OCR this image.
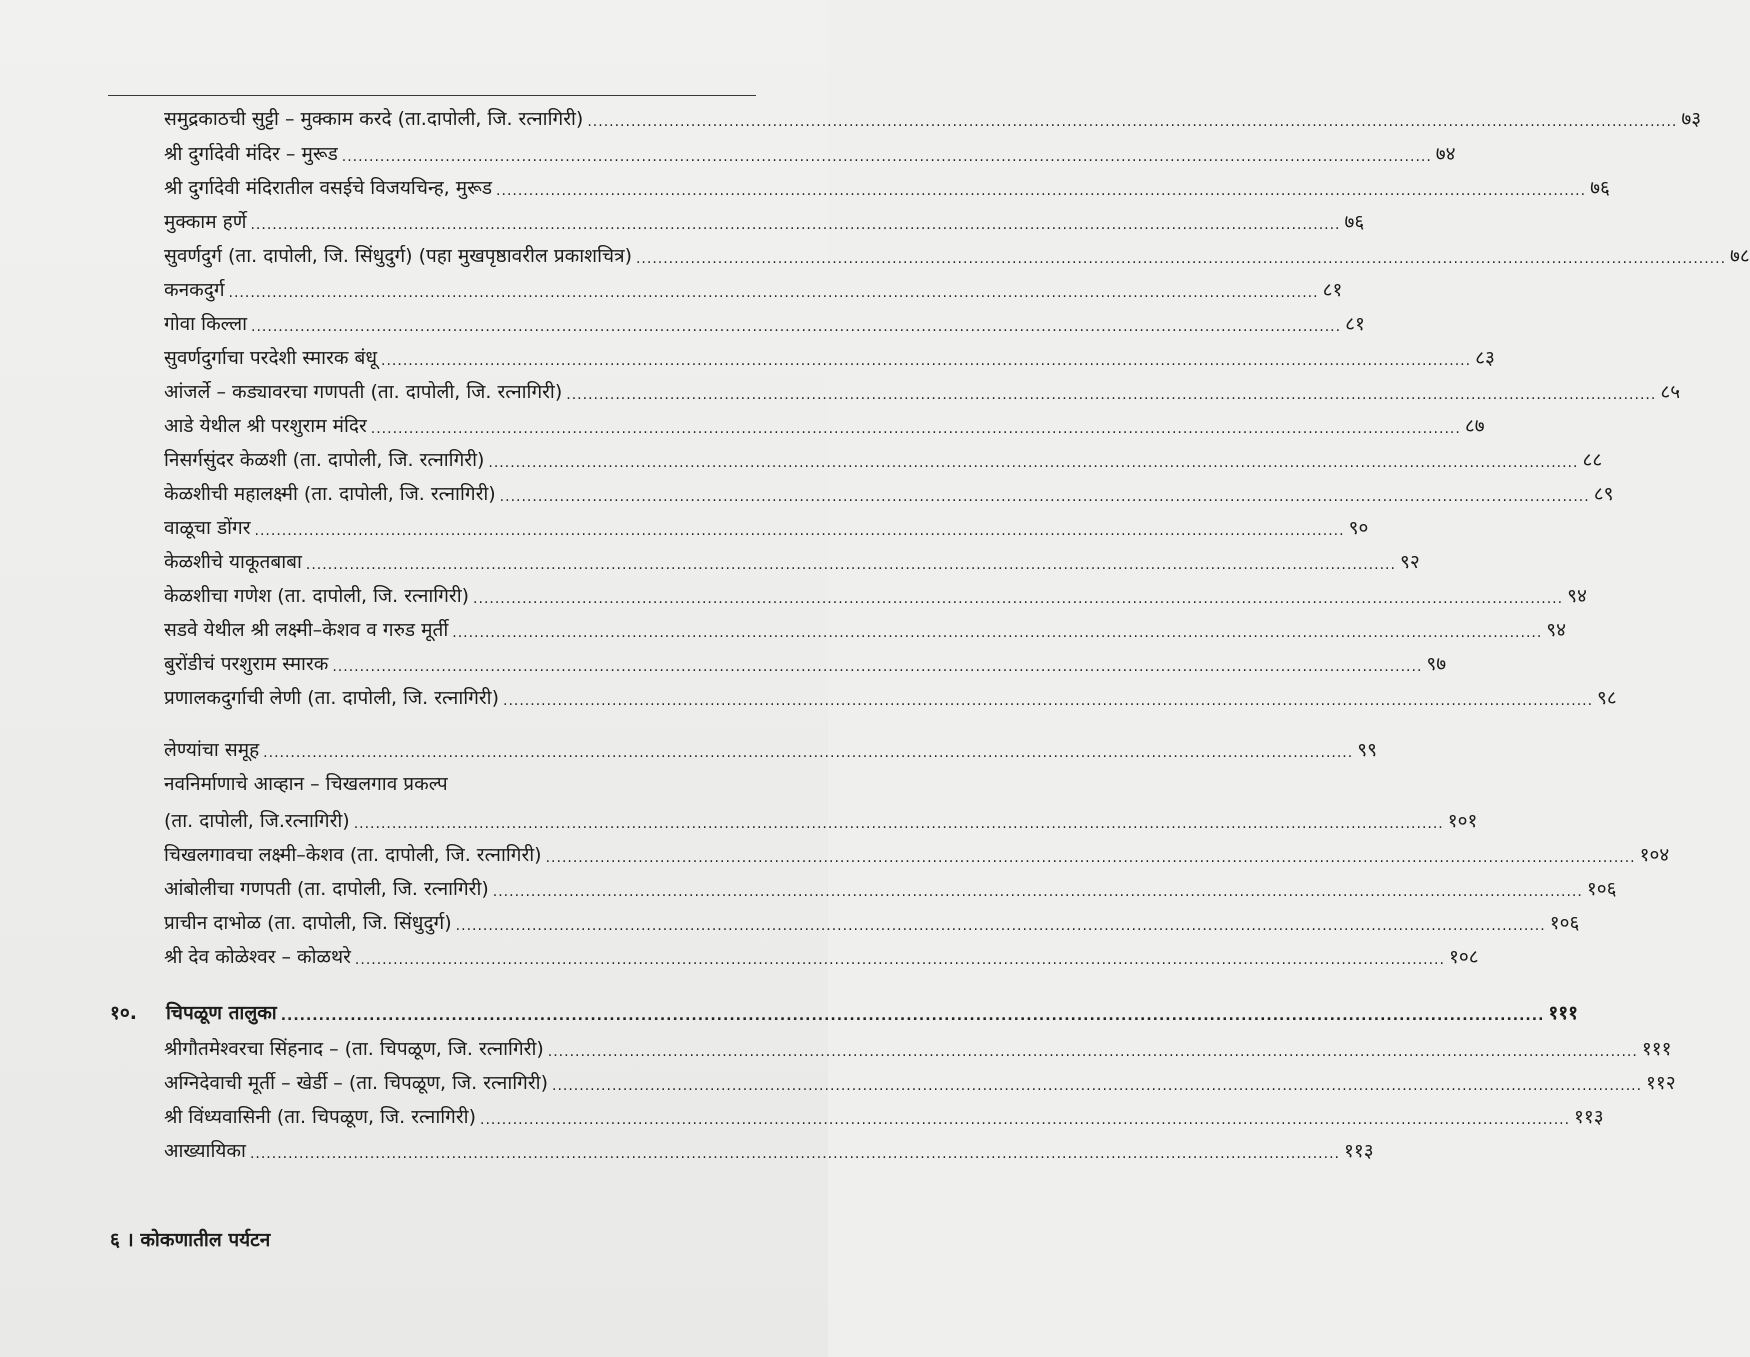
समुद्रकाठची सुट्टी – मुक्काम करदे (ता.दापोली, जि. रत्नागिरी) ........................................................................................................................................................................................................ ७३
श्री दुर्गादेवी मंदिर – मुरूड ........................................................................................................................................................................................................ ७४
श्री दुर्गादेवी मंदिरातील वसईचे विजयचिन्ह, मुरूड ........................................................................................................................................................................................................ ७६
मुक्काम हर्णे ........................................................................................................................................................................................................ ७६
सुवर्णदुर्ग (ता. दापोली, जि. सिंधुदुर्ग) (पहा मुखपृष्ठावरील प्रकाशचित्र) ........................................................................................................................................................................................................ ७८
कनकदुर्ग ........................................................................................................................................................................................................ ८१
गोवा किल्ला ........................................................................................................................................................................................................ ८१
सुवर्णदुर्गाचा परदेशी स्मारक बंधू ........................................................................................................................................................................................................ ८३
आंजर्ले – कड्यावरचा गणपती (ता. दापोली, जि. रत्नागिरी) ........................................................................................................................................................................................................ ८५
आडे येथील श्री परशुराम मंदिर ........................................................................................................................................................................................................ ८७
निसर्गसुंदर केळशी (ता. दापोली, जि. रत्नागिरी) ........................................................................................................................................................................................................ ८८
केळशीची महालक्ष्मी (ता. दापोली, जि. रत्नागिरी) ........................................................................................................................................................................................................ ८९
वाळूचा डोंगर ........................................................................................................................................................................................................ ९०
केळशीचे याकूतबाबा ........................................................................................................................................................................................................ ९२
केळशीचा गणेश (ता. दापोली, जि. रत्नागिरी) ........................................................................................................................................................................................................ ९४
सडवे येथील श्री लक्ष्मी–केशव व गरुड मूर्ती ........................................................................................................................................................................................................ ९४
बुरोंडीचं परशुराम स्मारक ........................................................................................................................................................................................................ ९७
प्रणालकदुर्गाची लेणी (ता. दापोली, जि. रत्नागिरी) ........................................................................................................................................................................................................ ९८
लेण्यांचा समूह ........................................................................................................................................................................................................ ९९
नवनिर्माणाचे आव्हान – चिखलगाव प्रकल्प
(ता. दापोली, जि.रत्नागिरी) ........................................................................................................................................................................................................ १०१
चिखलगावचा लक्ष्मी–केशव (ता. दापोली, जि. रत्नागिरी) ........................................................................................................................................................................................................ १०४
आंबोलीचा गणपती (ता. दापोली, जि. रत्नागिरी) ........................................................................................................................................................................................................ १०६
प्राचीन दाभोळ (ता. दापोली, जि. सिंधुदुर्ग) ........................................................................................................................................................................................................ १०६
श्री देव कोळेश्वर – कोळथरे ........................................................................................................................................................................................................ १०८
१०.	चिपळूण तालुका ........................................................................................................................................................................................................ १११
श्रीगौतमेश्वरचा सिंहनाद – (ता. चिपळूण, जि. रत्नागिरी) ........................................................................................................................................................................................................ १११
अग्निदेवाची मूर्ती – खेर्डी – (ता. चिपळूण, जि. रत्नागिरी) ........................................................................................................................................................................................................ ११२
श्री विंध्यवासिनी (ता. चिपळूण, जि. रत्नागिरी) ........................................................................................................................................................................................................ ११३
आख्यायिका ........................................................................................................................................................................................................ ११३
६ । कोकणातील पर्यटन
